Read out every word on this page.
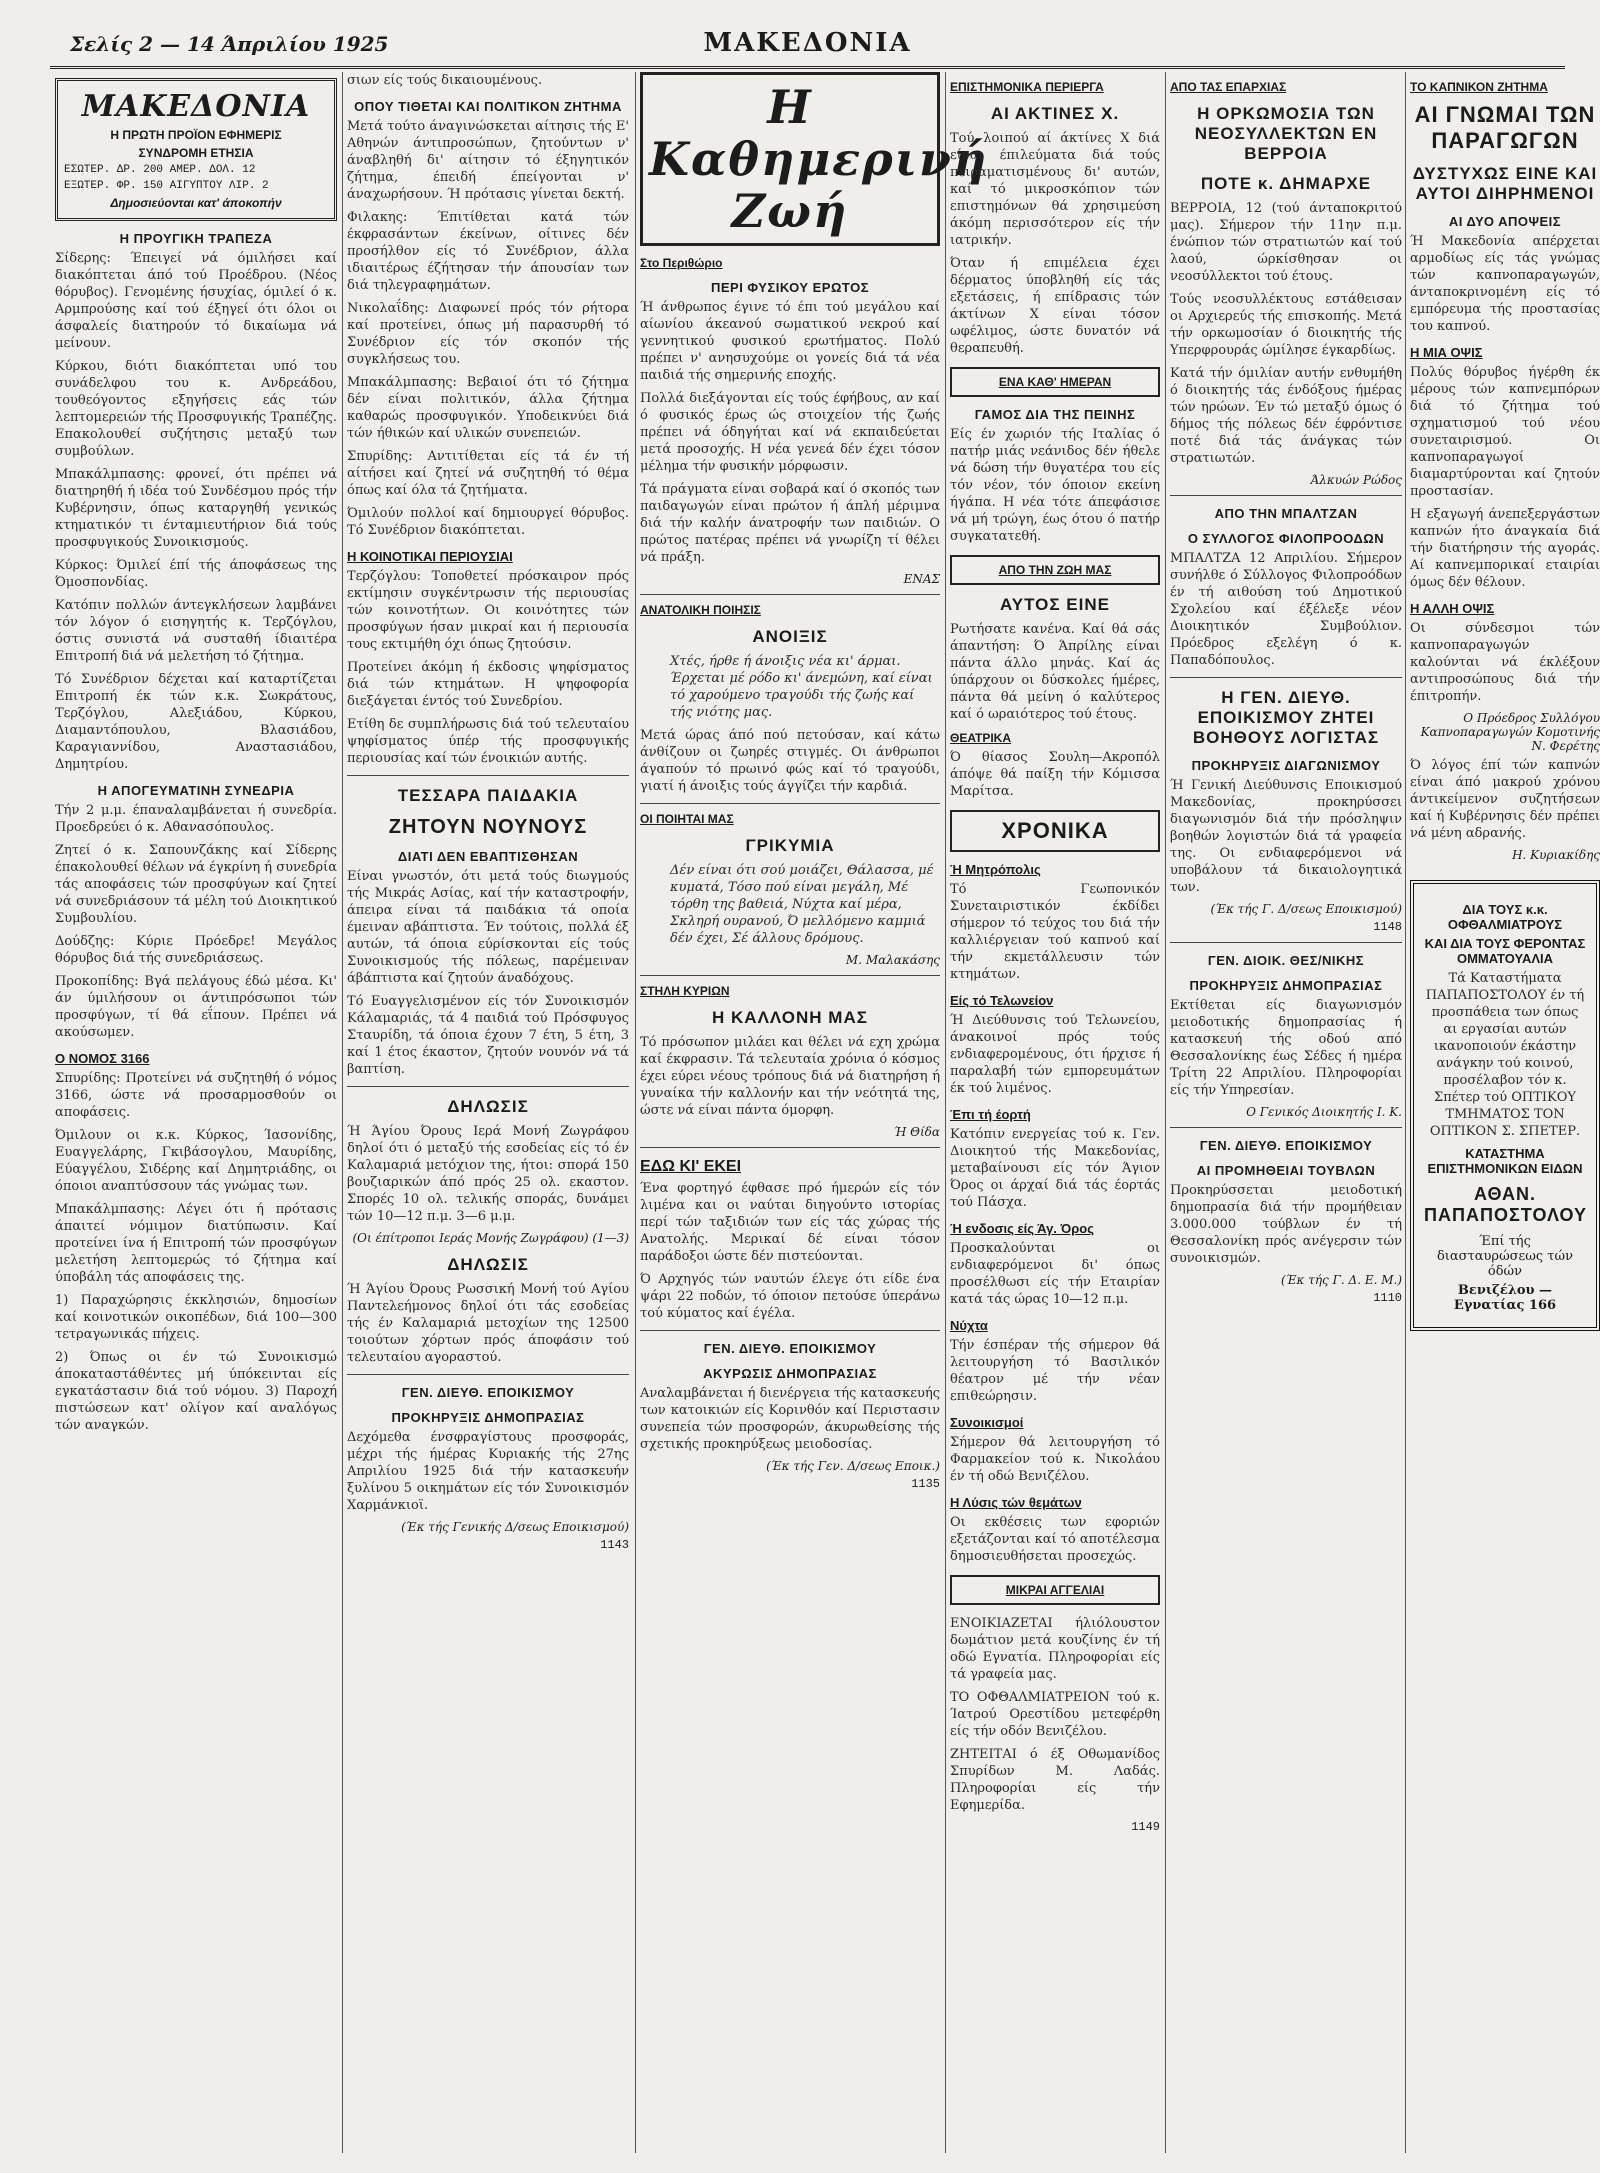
Σελίς 2 — 14 Άπριλίου 1925	ΜΑΚΕΔΟΝΙΑ
ΜΑΚΕΔΟΝΙΑ
Η ΠΡΩΤΗ ΠΡΟΪΟΝ ΕΦΗΜΕΡΙΣ
ΣΥΝΔΡΟΜΗ ΕΤΗΣΙΑ
ΕΣΩΤΕΡ. ΔΡ. 200 ΑΜΕΡ. ΔΟΛ. 12
ΕΞΩΤΕΡ. ΦΡ. 150 ΑΙΓΥΠΤΟΥ ΛΙΡ. 2
Δημοσιεύονται κατ' άποκοπήν
Η ΠΡΟΥΓΙΚΗ ΤΡΑΠΕΖΑ

Σίδερης: Έπειγεί νά όμιλήσει καί διακόπτεται άπό τού Προέδρου. (Νέος θόρυβος). Γενομένης ήσυχίας, όμιλεί ό κ. Αρμπρούσης καί τού έξηγεί ότι όλοι οι άσφαλείς διατηρούν τό δικαίωμα νά μείνουν.

Κύρκου, διότι διακόπτεται υπό του συνάδελφου του κ. Ανδρεάδου, τουθεόγοντος εξηγήσεις εάς τών λεπτομερειών τής Προσφυγικής Τραπέζης. Επακολουθεί συζήτησις μεταξύ των συμβούλων.

Μπακάλμπασης: φρονεί, ότι πρέπει νά διατηρηθή ή ιδέα τού Συνδέσμου πρός τήν Κυβέρνησιν, όπως καταργηθή γενικώς κτηματικόν τι ένταμιευτήριον διά τούς προσφυγικούς Συνοικισμούς.

Κύρκος: Όμιλεί έπί τής άποφάσεως της Όμοσπονδίας.

Κατόπιν πολλών άντεγκλήσεων λαμβάνει τόν λόγον ό εισηγητής κ. Τερζόγλου, όστις συνιστά νά συσταθή ίδιαιτέρα Επιτροπή διά νά μελετήση τό ζήτημα.

Τό Συνέδριον δέχεται καί καταρτίζεται Επιτροπή έκ τών κ.κ. Σωκράτους, Τερζόγλου, Αλεξιάδου, Κύρκου, Διαμαντόπουλου, Βλασιάδου, Καραγιαννίδου, Αναστασιάδου, Δημητρίου.

Η ΑΠΟΓΕΥΜΑΤΙΝΗ ΣΥΝΕΔΡΙΑ

Τήν 2 μ.μ. έπαναλαμβάνεται ή συνεδρία. Προεδρεύει ό κ. Αθανασόπουλος.

Ζητεί ό κ. Σαπουνζάκης καί Σίδερης έπακολουθεί θέλων νά έγκρίνη ή συνεδρία τάς αποφάσεις τών προσφύγων καί ζητεί νά συνεδριάσουν τά μέλη τού Διοικητικού Συμβουλίου.

Δούδζης: Κύριε Πρόεδρε! Μεγάλος θόρυβος διά τής συνεδριάσεως.

Προκοπίδης: Βγά πελάγους έδώ μέσα. Κι' άν ύμιλήσουν οι άντιπρόσωποι τών προσφύγων, τί θά εΐπουν. Πρέπει νά ακούσωμεν.

Ο ΝΟΜΟΣ 3166

Σπυρίδης: Προτείνει νά συζητηθή ό νόμος 3166, ώστε νά προσαρμοσθούν οι αποφάσεις.

Όμιλουν οι κ.κ. Κύρκος, Ίασονίδης, Ευαγγελάρης, Γκιβάσογλου, Μαυρίδης, Εύαγγέλου, Σιδέρης καί Δημητριάδης, οι όποιοι αναπτύσσουν τάς γνώμας των.

Μπακάλμπασης: Λέγει ότι ή πρότασις άπαιτεί νόμιμον διατύπωσιν. Καί προτείνει ίνα ή Επιτροπή τών προσφύγων μελετήση λεπτομερώς τό ζήτημα καί ύποβάλη τάς αποφάσεις της.

1) Παραχώρησις έκκλησιών, δημοσίων καί κοινοτικών οικοπέδων, διά 100—300 τετραγωνικάς πήχεις.

2) Όπως οι έν τώ Συνοικισμώ άποκαταστάθέντες μή ύπόκεινται είς εγκατάστασιν διά τού νόμου. 3) Παροχή πιστώσεων κατ' ολίγον καί αναλόγως τών αναγκών.

σιων είς τούς δικαιουμένους.

ΟΠΟΥ ΤΙΘΕΤΑΙ ΚΑΙ ΠΟΛΙΤΙΚΟΝ ΖΗΤΗΜΑ

Μετά τούτο άναγινώσκεται αίτησις τής Ε' Αθηνών άντιπροσώπων, ζητούντων ν' άναβληθή δι' αίτησιν τό έξηγητικόν ζήτημα, έπειδή έπείγονται ν' άναχωρήσουν. Ή πρότασις γίνεται δεκτή.

Φιλακης: Έπιτίθεται κατά τών έκφρασάντων έκείνων, οίτινες δέν προσήλθον είς τό Συνέδριον, άλλα ιδιαιτέρως έζήτησαν τήν άπουσίαν των διά τηλεγραφημάτων.

Νικολαΐδης: Διαφωνεί πρός τόν ρήτορα καί προτείνει, όπως μή παρασυρθή τό Συνέδριον είς τόν σκοπόν τής συγκλήσεως του.

Μπακάλμπασης: Βεβαιοί ότι τό ζήτημα δέν είναι πολιτικόν, άλλα ζήτημα καθαρώς προσφυγικόν. Υποδεικνύει διά τών ήθικών καί υλικών συνεπειών.

Σπυρίδης: Αντιτίθεται είς τά έν τή αίτήσει καί ζητεί νά συζητηθή τό θέμα όπως καί όλα τά ζητήματα.

Όμιλούν πολλοί καί δημιουργεί θόρυβος. Τό Συνέδριον διακόπτεται.

Η ΚΟΙΝΟΤΙΚΑΙ ΠΕΡΙΟΥΣΙΑΙ

Τερζόγλου: Τοποθετεί πρόσκαιρον πρός εκτίμησιν συγκέντρωσιν τής περιουσίας τών κοινοτήτων. Οι κοινότητες τών προσφύγων ήσαν μικραί και ή περιουσία τους εκτιμήθη όχι όπως ζητούσιν.

Προτείνει άκόμη ή έκδοσις ψηφίσματος διά τών κτημάτων. Η ψηφοφορία διεξάγεται έντός τού Συνεδρίου.

Ετίθη δε συμπλήρωσις διά τού τελευταίου ψηφίσματος ύπέρ τής προσφυγικής περιουσίας καί τών ένοικιών αυτής.

ΤΕΣΣΑΡΑ ΠΑΙΔΑΚΙΑ
ΖΗΤΟΥΝ ΝΟΥΝΟΥΣ
ΔΙΑΤΙ ΔΕΝ ΕΒΑΠΤΙΣΘΗΣΑΝ

Είναι γνωστόν, ότι μετά τούς διωγμούς τής Μικράς Ασίας, καί τήν καταστροφήν, άπειρα είναι τά παιδάκια τά οποία έμειναν αβάπτιστα. Έν τούτοις, πολλά έξ αυτών, τά όποια εύρίσκονται είς τούς Συνοικισμούς τής πόλεως, παρέμειναν άβάπτιστα καί ζητούν άναδόχους.

Τό Ευαγγελισμένον είς τόν Συνοικισμόν Κάλαμαριάς, τά 4 παιδιά τού Πρόσφυγος Σταυρίδη, τά όποια έχουν 7 έτη, 5 έτη, 3 καί 1 έτος έκαστον, ζητούν νουνόν νά τά βαπτίση.

ΔΗΛΩΣΙΣ

Ή Άγίου Όρους Ιερά Μονή Ζωγράφου δηλοί ότι ό μεταξύ τής εσοδείας είς τό έν Καλαμαριά μετόχιον της, ήτοι: σπορά 150 βουζιαρικών άπό πρός 25 ολ. εκαστον. Σπορές 10 ολ. τελικής σποράς, δυνάμει τών 10—12 π.μ. 3—6 μ.μ.

(Οι έπίτροποι Ιεράς Μονής Ζωγράφου) (1—3)
ΔΗΛΩΣΙΣ

Ή Άγίου Όρους Ρωσσική Μονή τού Αγίου Παντελεήμονος δηλοί ότι τάς εσοδείας τής έν Καλαμαριά μετοχίων της 12500 τοιούτων χόρτων πρός άποφάσιν τού τελευταίου αγοραστού.

ΓΕΝ. ΔΙΕΥΘ. ΕΠΟΙΚΙΣΜΟΥ
ΠΡΟΚΗΡΥΞΙΣ ΔΗΜΟΠΡΑΣΙΑΣ

Δεχόμεθα ένσφραγίστους προσφοράς, μέχρι τής ήμέρας Κυριακής τής 27ης Απριλίου 1925 διά τήν κατασκευήν ξυλίνου 5 οικημάτων είς τόν Συνοικισμόν Χαρμάνκιοϊ.

(Έκ τής Γενικής Δ/σεως Εποικισμού)
1143
Η Καθημερινή Ζωή
Στο Περιθώριο
ΠΕΡΙ ΦΥΣΙΚΟΥ ΕΡΩΤΟΣ

Ή άνθρωπος έγινε τό έπι τού μεγάλου καί αίωνίου άκεανού σωματικού νεκρού καί γεννητικού φυσικού ερωτήματος. Πολύ πρέπει ν' ανησυχούμε οι γονείς διά τά νέα παιδιά τής σημερινής εποχής.

Πολλά διεξάγονται είς τούς έφήβους, αν καί ό φυσικός έρως ώς στοιχείον τής ζωής πρέπει νά όδηγήται καί νά εκπαιδεύεται μετά προσοχής. Η νέα γενεά δέν έχει τόσον μέλημα τήν φυσικήν μόρφωσιν.

Τά πράγματα είναι σοβαρά καί ό σκοπός των παιδαγωγών είναι πρώτον ή άπλή μέριμνα διά τήν καλήν άνατροφήν των παιδιών. Ο πρώτος πατέρας πρέπει νά γνωρίζη τί θέλει νά πράξη.

ΕΝΑΣ
ΑΝΑΤΟΛΙΚΗ ΠΟΙΗΣΙΣ
ΑΝΟΙΞΙΣ

Χτές, ήρθε ή άνοιξις νέα κι' άρμαι. Έρχεται μέ ρόδο κι' άνεμώνη, καί είναι τό χαρούμενο τραγούδι τής ζωής καί τής νιότης μας.

Μετά ώρας άπό πού πετούσαν, καί κάτω άνθίζουν οι ζωηρές στιγμές. Οι άνθρωποι άγαπούν τό πρωινό φώς καί τό τραγούδι, γιατί ή άνοιξις τούς άγγίζει τήν καρδιά.

ΟΙ ΠΟΙΗΤΑΙ ΜΑΣ
ΓΡΙΚΥΜΙΑ

Δέν είναι ότι σού μοιάζει, Θάλασσα, μέ κυματά, Τόσο πού είναι μεγάλη, Μέ τόρθη της βαθειά, Νύχτα καί μέρα, Σκληρή ουρανού, Ό μελλόμενο καμμιά δέν έχει, Σέ άλλους δρόμους.

Μ. Μαλακάσης
ΣΤΗΛΗ ΚΥΡΙΩΝ
Η ΚΑΛΛΟΝΗ ΜΑΣ

Τό πρόσωπον μιλάει και θέλει νά εχη χρώμα καί έκφρασιν. Τά τελευταία χρόνια ό κόσμος έχει εύρει νέους τρόπους διά νά διατηρήση ή γυναίκα τήν καλλονήν και τήν νεότητά της, ώστε νά είναι πάντα όμορφη.

Ή Θίδα
ΕΔΩ ΚΙ' ΕΚΕΙ

Ένα φορτηγό έφθασε πρό ήμερών είς τόν λιμένα και οι ναύται διηγούντο ιστορίας περί τών ταξιδιών των είς τάς χώρας τής Ανατολής. Μερικαί δέ είναι τόσον παράδοξοι ώστε δέν πιστεύονται.

Ό Αρχηγός τών ναυτών έλεγε ότι είδε ένα ψάρι 22 ποδών, τό όποιον πετούσε ύπεράνω τού κύματος καί έγέλα.

ΓΕΝ. ΔΙΕΥΘ. ΕΠΟΙΚΙΣΜΟΥ
ΑΚΥΡΩΣΙΣ ΔΗΜΟΠΡΑΣΙΑΣ

Αναλαμβάνεται ή διενέργεια τής κατασκευής των κατοικιών είς Κορινθόν καί Περιστασιν συνεπεία τών προσφορών, άκυρωθείσης τής σχετικής προκηρύξεως μειοδοσίας.

(Έκ τής Γεν. Δ/σεως Εποικ.)
1135
ΕΠΙΣΤΗΜΟΝΙΚΑ ΠΕΡΙΕΡΓΑ
ΑΙ ΑΚΤΙΝΕΣ Χ.

Τού λοιπού αί άκτίνες Χ διά είναι έπιλεύματα διά τούς πειραματισμένους δι' αυτών, καί τό μικροσκόπιον τών επιστημόνων θά χρησιμεύση άκόμη περισσότερον είς τήν ιατρικήν.

Όταν ή επιμέλεια έχει δέρματος ύποβληθή είς τάς εξετάσεις, ή επίδρασις τών άκτίνων Χ είναι τόσον ωφέλιμος, ώστε δυνατόν νά θεραπευθή.

ΕΝΑ ΚΑΘ' ΗΜΕΡΑΝ
ΓΑΜΟΣ ΔΙΑ ΤΗΣ ΠΕΙΝΗΣ

Είς έν χωριόν τής Ιταλίας ό πατήρ μιάς νεάνιδος δέν ήθελε νά δώση τήν θυγατέρα του είς τόν νέον, τόν όποιον εκείνη ήγάπα. Η νέα τότε άπεφάσισε νά μή τρώγη, έως ότου ό πατήρ συγκατατεθή.

ΑΠΟ ΤΗΝ ΖΩΗ ΜΑΣ
ΑΥΤΟΣ ΕΙΝΕ

Ρωτήσατε κανένα. Καί θά σάς άπαντήση: Ό Άπρίλης είναι πάντα άλλο μηνάς. Καί άς ύπάρχουν οι δύσκολες ήμέρες, πάντα θά μείνη ό καλύτερος καί ό ωραιότερος τού έτους.

ΘΕΑΤΡΙΚΑ

Ό θίασος Σουλη—Ακροπόλ άπόψε θά παίξη τήν Κόμισσα Μαρίτσα.

ΧΡΟΝΙΚΑ
Ή Μητρόπολις

Τό Γεωπονικόν Συνεταιριστικόν έκδίδει σήμερον τό τεύχος του διά τήν καλλιέργειαν τού καπνού καί τήν εκμετάλλευσιν τών κτημάτων.

Είς τό Τελωνείον

Ή Διεύθυνσις τού Τελωνείου, άνακοινοί πρός τούς ενδιαφερομένους, ότι ήρχισε ή παραλαβή τών εμπορευμάτων έκ τού λιμένος.

Έπι τή έορτή

Κατόπιν ενεργείας τού κ. Γεν. Διοικητού τής Μακεδονίας, μεταβαίνουσι είς τόν Άγιον Όρος οι άρχαί διά τάς έορτάς τού Πάσχα.

Ή ενδοσις είς Άγ. Όρος

Προσκαλούνται οι ενδιαφερόμενοι δι' όπως προσέλθωσι είς τήν Εταιρίαν κατά τάς ώρας 10—12 π.μ.

Νύχτα

Τήν έσπέραν τής σήμερον θά λειτουργήση τό Βασιλικόν θέατρον μέ τήν νέαν επιθεώρησιν.

Συνοικισμοί

Σήμερον θά λειτουργήση τό Φαρμακείον τού κ. Νικολάου έν τή οδώ Βενιζέλου.

Η Λύσις τών θεμάτων

Οι εκθέσεις των εφοριών εξετάζονται καί τό αποτέλεσμα δημοσιευθήσεται προσεχώς.

ΜΙΚΡΑΙ ΑΓΓΕΛΙΑΙ

ΕΝΟΙΚΙΑΖΕΤΑΙ ήλιόλουστον δωμάτιον μετά κουζίνης έν τή οδώ Εγνατία. Πληροφορίαι είς τά γραφεία μας.

ΤΟ ΟΦΘΑΛΜΙΑΤΡΕΙΟΝ τού κ. Ίατρού Ορεστίδου μετεφέρθη είς τήν οδόν Βενιζέλου.

ΖΗΤΕΙΤΑΙ ό έξ Οθωμανίδος Σπυρίδων Μ. Λαδάς. Πληροφορίαι είς τήν Εφημερίδα.

1149
ΑΠΟ ΤΑΣ ΕΠΑΡΧΙΑΣ
Η ΟΡΚΩΜΟΣΙΑ ΤΩΝ ΝΕΟΣΥΛΛΕΚΤΩΝ ΕΝ ΒΕΡΡΟΙΑ
ΠΟΤΕ κ. ΔΗΜΑΡΧΕ

ΒΕΡΡΟΙΑ, 12 (τού άνταποκριτού μας). Σήμερον τήν 11ην π.μ. ένώπιον τών στρατιωτών καί τού λαού, ώρκίσθησαν οι νεοσύλλεκτοι τού έτους.

Τούς νεοσυλλέκτους εστάθεισαν οι Αρχιερεύς τής επισκοπής. Μετά τήν ορκωμοσίαν ό διοικητής τής Υπερφρουράς ώμίλησε έγκαρδίως.

Κατά τήν όμιλίαν αυτήν ενθυμήθη ό διοικητής τάς ένδόξους ήμέρας τών ηρώων. Έν τώ μεταξύ όμως ό δήμος τής πόλεως δέν έφρόντισε ποτέ διά τάς άνάγκας τών στρατιωτών.

Άλκυών Ρώδος
ΑΠΟ ΤΗΝ ΜΠΑΛΤΖΑΝ
Ο ΣΥΛΛΟΓΟΣ ΦΙΛΟΠΡΟΟΔΩΝ

ΜΠΑΛΤΖΑ 12 Απριλίου. Σήμερον συνήλθε ό Σύλλογος Φιλοπροόδων έν τή αιθούση τού Δημοτικού Σχολείου καί έξέλεξε νέον Διοικητικόν Συμβούλιον. Πρόεδρος εξελέγη ό κ. Παπαδόπουλος.

Η ΓΕΝ. ΔΙΕΥΘ. ΕΠΟΙΚΙΣΜΟΥ ΖΗΤΕΙ ΒΟΗΘΟΥΣ ΛΟΓΙΣΤΑΣ
ΠΡΟΚΗΡΥΞΙΣ ΔΙΑΓΩΝΙΣΜΟΥ

Ή Γενική Διεύθυνσις Εποικισμού Μακεδονίας, προκηρύσσει διαγωνισμόν διά τήν πρόσληψιν βοηθών λογιστών διά τά γραφεία της. Οι ενδιαφερόμενοι νά υποβάλουν τά δικαιολογητικά των.

(Έκ τής Γ. Δ/σεως Εποικισμού)
1148
ΓΕΝ. ΔΙΟΙΚ. ΘΕΣ/ΝΙΚΗΣ
ΠΡΟΚΗΡΥΞΙΣ ΔΗΜΟΠΡΑΣΙΑΣ

Εκτίθεται είς διαγωνισμόν μειοδοτικής δημοπρασίας ή κατασκευή τής οδού από Θεσσαλονίκης έως Σέδες ή ημέρα Τρίτη 22 Απριλίου. Πληροφορίαι είς τήν Υπηρεσίαν.

Ο Γενικός Διοικητής Ι. Κ.
ΓΕΝ. ΔΙΕΥΘ. ΕΠΟΙΚΙΣΜΟΥ
ΑΙ ΠΡΟΜΗΘΕΙΑΙ ΤΟΥΒΛΩΝ

Προκηρύσσεται μειοδοτική δημοπρασία διά τήν προμήθειαν 3.000.000 τούβλων έν τή Θεσσαλονίκη πρός ανέγερσιν τών συνοικισμών.

(Έκ τής Γ. Δ. Ε. Μ.)
1110
ΤΟ ΚΑΠΝΙΚΟΝ ΖΗΤΗΜΑ
ΑΙ ΓΝΩΜΑΙ ΤΩΝ ΠΑΡΑΓΩΓΩΝ
ΔΥΣΤΥΧΩΣ ΕΙΝΕ ΚΑΙ ΑΥΤΟΙ ΔΙΗΡΗΜΕΝΟΙ
ΑΙ ΔΥΟ ΑΠΟΨΕΙΣ

Ή Μακεδονία απέρχεται αρμοδίως είς τάς γνώμας τών καπνοπαραγωγών, άνταποκρινομένη είς τό εμπόρευμα τής προστασίας του καπνού.

Η ΜΙΑ ΟΨΙΣ

Πολύς θόρυβος ήγέρθη έκ μέρους τών καπνεμπόρων διά τό ζήτημα τού σχηματισμού τού νέου συνεταιρισμού. Οι καπνοπαραγωγοί διαμαρτύρονται καί ζητούν προστασίαν.

Η εξαγωγή άνεπεξεργάστων καπνών ήτο άναγκαία διά τήν διατήρησιν τής αγοράς. Αί καπνεμπορικαί εταιρίαι όμως δέν θέλουν.

Η ΑΛΛΗ ΟΨΙΣ

Οι σύνδεσμοι τών καπνοπαραγωγών καλούνται νά έκλέξουν αντιπροσώπους διά τήν έπιτροπήν.

Ο Πρόεδρος Συλλόγου Καπνοπαραγωγών Κομοτινής Ν. Φερέτης

Ό λόγος έπί τών καπνών είναι άπό μακρού χρόνου άντικείμενον συζητήσεων καί ή Κυβέρνησις δέν πρέπει νά μένη αδρανής.

Η. Κυριακίδης
ΔΙΑ ΤΟΥΣ κ.κ. ΟΦΘΑΛΜΙΑΤΡΟΥΣ
ΚΑΙ ΔΙΑ ΤΟΥΣ ΦΕΡΟΝΤΑΣ ΟΜΜΑΤΟΥΑΛΙΑ

Τά Καταστήματα ΠΑΠΑΠΟΣΤΟΛΟΥ έν τή προσπάθεια των όπως αι εργασίαι αυτών ικανοποιούν έκάστην ανάγκην τού κοινού, προσέλαβον τόν κ. Σπέτερ τού ΟΠΤΙΚΟΥ ΤΜΗΜΑΤΟΣ ΤΟΝ ΟΠΤΙΚΟΝ Σ. ΣΠΕΤΕΡ.

ΚΑΤΑΣΤΗΜΑ ΕΠΙΣΤΗΜΟΝΙΚΩΝ ΕΙΔΩΝ
ΑΘΑΝ. ΠΑΠΑΠΟΣΤΟΛΟΥ
Έπί τής διασταυρώσεως τών όδών
Βενιζέλου — Εγνατίας 166
